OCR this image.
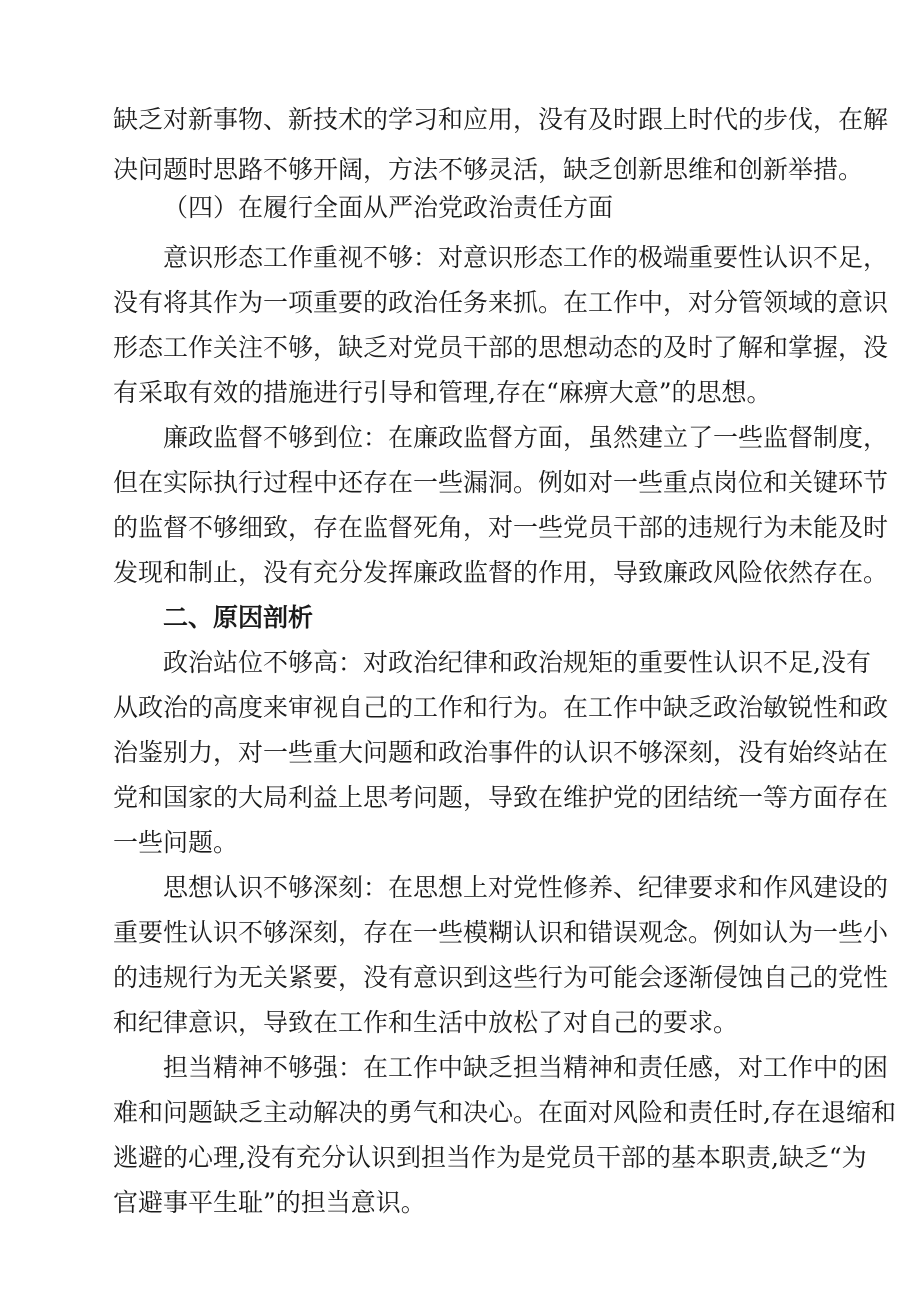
缺乏对新事物、新技术的学习和应用，没有及时跟上时代的步伐，在解
决问题时思路不够开阔，方法不够灵活，缺乏创新思维和创新举措。
（四）在履行全面从严治党政治责任方面
意识形态工作重视不够：对意识形态工作的极端重要性认识不足，
没有将其作为一项重要的政治任务来抓。在工作中，对分管领域的意识
形态工作关注不够，缺乏对党员干部的思想动态的及时了解和掌握，没
有采取有效的措施进行引导和管理,存在“麻痹大意”的思想。
廉政监督不够到位：在廉政监督方面，虽然建立了一些监督制度，
但在实际执行过程中还存在一些漏洞。例如对一些重点岗位和关键环节
的监督不够细致，存在监督死角，对一些党员干部的违规行为未能及时
发现和制止，没有充分发挥廉政监督的作用，导致廉政风险依然存在。
二、原因剖析
政治站位不够高：对政治纪律和政治规矩的重要性认识不足,没有
从政治的高度来审视自己的工作和行为。在工作中缺乏政治敏锐性和政
治鉴别力，对一些重大问题和政治事件的认识不够深刻，没有始终站在
党和国家的大局利益上思考问题，导致在维护党的团结统一等方面存在
一些问题。
思想认识不够深刻：在思想上对党性修养、纪律要求和作风建设的
重要性认识不够深刻，存在一些模糊认识和错误观念。例如认为一些小
的违规行为无关紧要，没有意识到这些行为可能会逐渐侵蚀自己的党性
和纪律意识，导致在工作和生活中放松了对自己的要求。
担当精神不够强：在工作中缺乏担当精神和责任感，对工作中的困
难和问题缺乏主动解决的勇气和决心。在面对风险和责任时,存在退缩和
逃避的心理,没有充分认识到担当作为是党员干部的基本职责,缺乏“为
官避事平生耻”的担当意识。
